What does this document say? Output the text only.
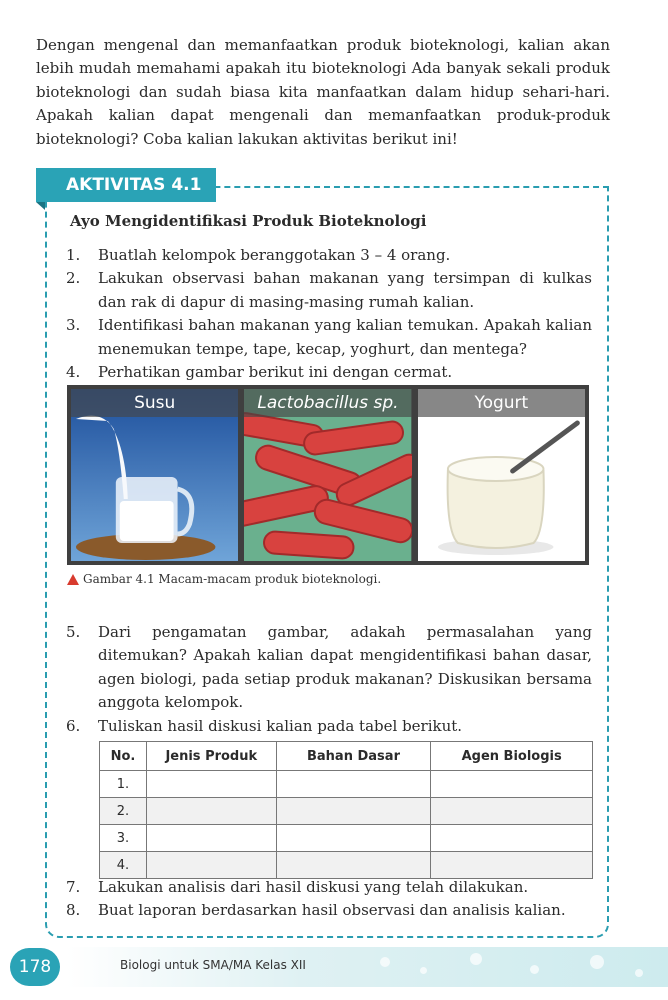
Dengan mengenal dan memanfaatkan produk bioteknologi, kalian akan lebih mudah memahami apakah itu bioteknologi Ada banyak sekali produk bioteknologi dan sudah biasa kita manfaatkan dalam hidup sehari-hari. Apakah kalian dapat mengenali dan memanfaatkan produk-produk bioteknologi? Coba kalian lakukan aktivitas berikut ini!

AKTIVITAS 4.1
Ayo Mengidentifikasi Produk Bioteknologi
1. Buatlah kelompok beranggotakan 3 – 4 orang.
2. Lakukan observasi bahan makanan yang tersimpan di kulkas dan rak di dapur di masing-masing rumah kalian.
3. Identifikasi bahan makanan yang kalian temukan. Apakah kalian menemukan tempe, tape, kecap, yoghurt, dan mentega?
4. Perhatikan gambar berikut ini dengan cermat.
Susu	Lactobacillus sp.	Yogurt
Gambar 4.1 Macam-macam produk bioteknologi.
5. Dari pengamatan gambar, adakah permasalahan yang ditemukan? Apakah kalian dapat mengidentifikasi bahan dasar, agen biologi, pada setiap produk makanan? Diskusikan bersama anggota kelompok.
6. Tuliskan hasil diskusi kalian pada tabel berikut.
No.	Jenis Produk	Bahan Dasar	Agen Biologis
1.			
2.			
3.			
4.			
7. Lakukan analisis dari hasil diskusi yang telah dilakukan.
8. Buat laporan berdasarkan hasil observasi dan analisis kalian.
178	Biologi untuk SMA/MA Kelas XII
